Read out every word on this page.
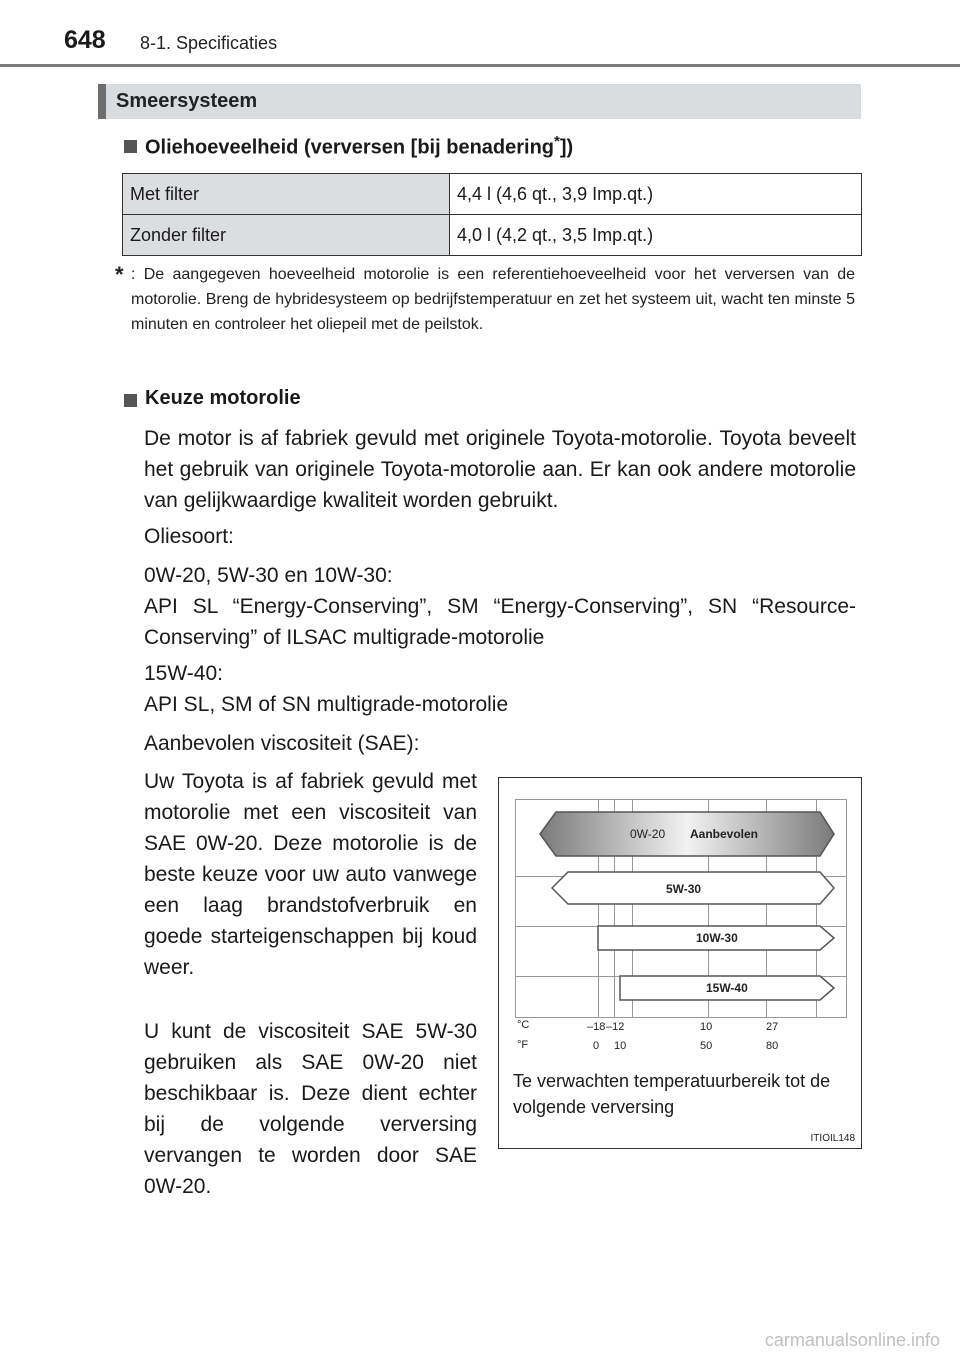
648 8-1. Specificaties
Smeersysteem
Oliehoeveelheid (verversen [bij benadering*])
Met filter	4,4 l (4,6 qt., 3,9 Imp.qt.)
Zonder filter	4,0 l (4,2 qt., 3,5 Imp.qt.)
* : De aangegeven hoeveelheid motorolie is een referentiehoeveelheid voor het verversen van de motorolie. Breng de hybridesysteem op bedrijfstemperatuur en zet het systeem uit, wacht ten minste 5 minuten en controleer het oliepeil met de peilstok.
Keuze motorolie
De motor is af fabriek gevuld met originele Toyota-motorolie. Toyota beveelt het gebruik van originele Toyota-motorolie aan. Er kan ook andere motorolie van gelijkwaardige kwaliteit worden gebruikt.
Oliesoort:
0W-20, 5W-30 en 10W-30:
API SL “Energy-Conserving”, SM “Energy-Conserving”, SN “Resource-Conserving” of ILSAC multigrade-motorolie
15W-40:
API SL, SM of SN multigrade-motorolie
Aanbevolen viscositeit (SAE):
Uw Toyota is af fabriek gevuld met motorolie met een viscositeit van SAE 0W-20. Deze motorolie is de beste keuze voor uw auto vanwege een laag brandstofverbruik en goede starteigenschappen bij koud weer.
U kunt de viscositeit SAE 5W-30 gebruiken als SAE 0W-20 niet beschikbaar is. Deze dient echter bij de volgende verversing vervangen te worden door SAE 0W-20.
0W-20 Aanbevolen
5W-30
10W-30
15W-40
°C
°F
–18 –12	10	27
0 10	50	80
Te verwachten temperatuurbereik tot de volgende verversing
ITIOIL148
carmanualsonline.info
